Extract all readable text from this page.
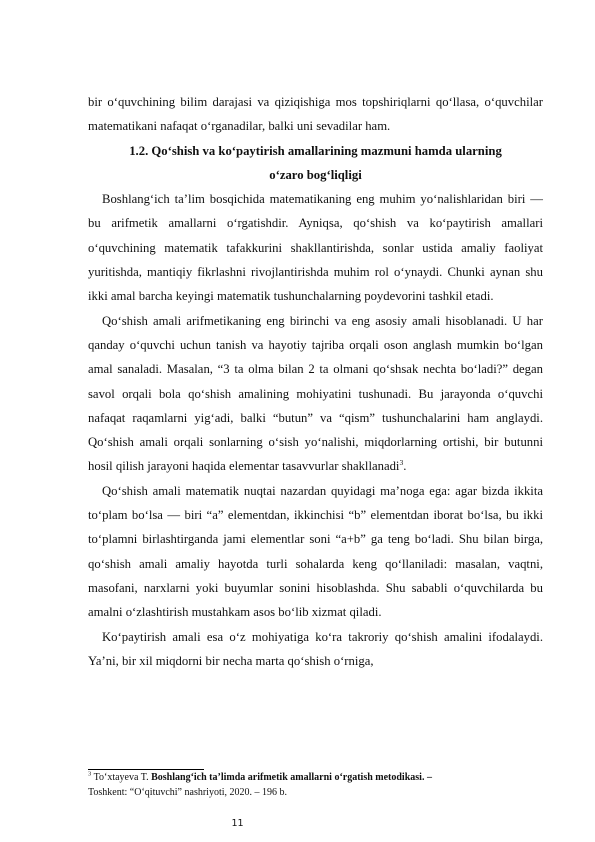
bir o‘quvchining bilim darajasi va qiziqishiga mos topshiriqlarni qo‘llasa, o‘quvchilar matematikani nafaqat o‘rganadilar, balki uni sevadilar ham.

1.2. Qo‘shish va ko‘paytirish amallarining mazmuni hamda ularning

o‘zaro bog‘liqligi

Boshlang‘ich ta’lim bosqichida matematikaning eng muhim yo‘nalishlaridan biri — bu arifmetik amallarni o‘rgatishdir. Ayniqsa, qo‘shish va ko‘paytirish amallari o‘quvchining matematik tafakkurini shakllantirishda, sonlar ustida amaliy faoliyat yuritishda, mantiqiy fikrlashni rivojlantirishda muhim rol o‘ynaydi. Chunki aynan shu ikki amal barcha keyingi matematik tushunchalarning poydevorini tashkil etadi.

Qo‘shish amali arifmetikaning eng birinchi va eng asosiy amali hisoblanadi. U har qanday o‘quvchi uchun tanish va hayotiy tajriba orqali oson anglash mumkin bo‘lgan amal sanaladi. Masalan, “3 ta olma bilan 2 ta olmani qo‘shsak nechta bo‘ladi?” degan savol orqali bola qo‘shish amalining mohiyatini tushunadi. Bu jarayonda o‘quvchi nafaqat raqamlarni yig‘adi, balki “butun” va “qism” tushunchalarini ham anglaydi. Qo‘shish amali orqali sonlarning o‘sish yo‘nalishi, miqdorlarning ortishi, bir butunni hosil qilish jarayoni haqida elementar tasavvurlar shakllanadi$^3$.

Qo‘shish amali matematik nuqtai nazardan quyidagi ma’noga ega: agar bizda ikkita to‘plam bo‘lsa — biri “a” elementdan, ikkinchisi “b” elementdan iborat bo‘lsa, bu ikki to‘plamni birlashtirganda jami elementlar soni “a+b” ga teng bo‘ladi. Shu bilan birga, qo‘shish amali amaliy hayotda turli sohalarda keng qo‘llaniladi: masalan, vaqtni, masofani, narxlarni yoki buyumlar sonini hisoblashda. Shu sababli o‘quvchilarda bu amalni o‘zlashtirish mustahkam asos bo‘lib xizmat qiladi.

Ko‘paytirish amali esa o‘z mohiyatiga ko‘ra takroriy qo‘shish amalini ifodalaydi. Ya’ni, bir xil miqdorni bir necha marta qo‘shish o‘rniga,

$^3$ To‘xtayeva T. Boshlang‘ich ta’limda arifmetik amallarni o‘rgatish metodikasi. –
Toshkent: “O‘qituvchi” nashriyoti, 2020. – 196 b.
11
